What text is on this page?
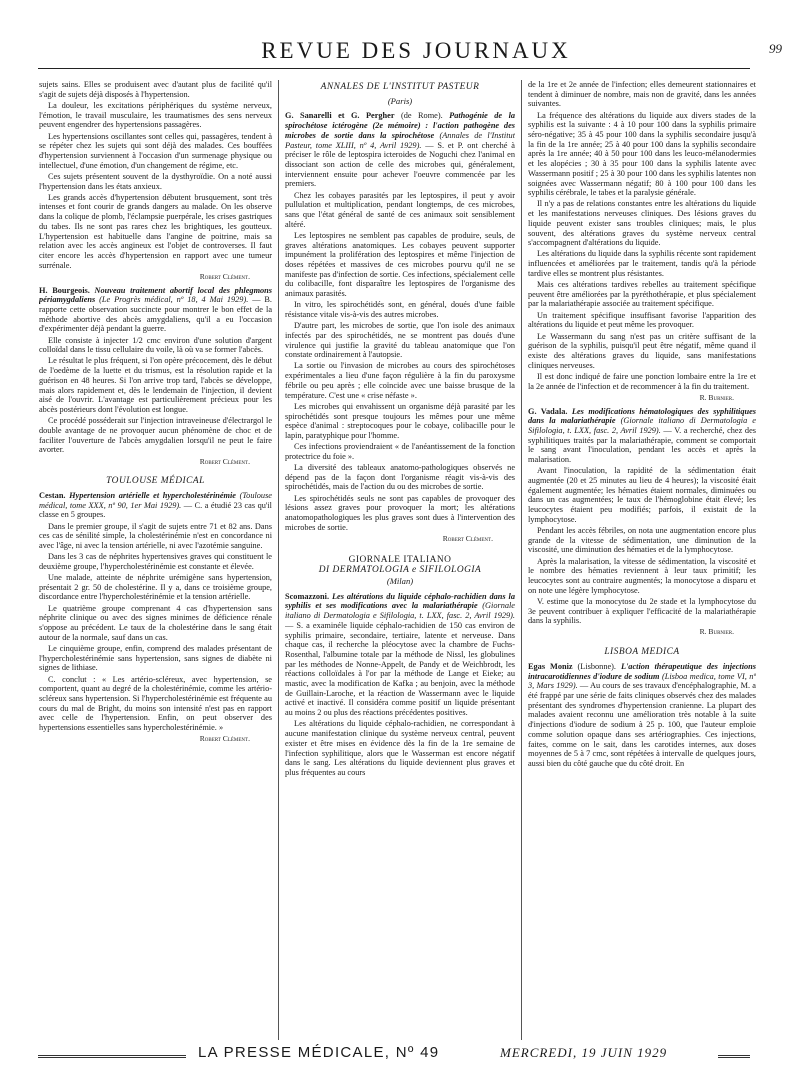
REVUE DES JOURNAUX	99

sujets sains. Elles se produisent avec d'autant plus de facilité qu'il s'agit de sujets déjà disposés à l'hypertension.

La douleur, les excitations périphériques du système nerveux, l'émotion, le travail musculaire, les traumatismes des sens nerveux peuvent engendrer des hypertensions passagères.

Les hypertensions oscillantes sont celles qui, passagères, tendent à se répéter chez les sujets qui sont déjà des malades. Ces bouffées d'hypertension surviennent à l'occasion d'un surmenage physique ou intellectuel, d'une émotion, d'un changement de régime, etc.

Ces sujets présentent souvent de la dysthyroïdie. On a noté aussi l'hypertension dans les états anxieux.

Les grands accès d'hypertension débutent brusquement, sont très intenses et font courir de grands dangers au malade. On les observe dans la colique de plomb, l'éclampsie puerpérale, les crises gastriques du tabes. Ils ne sont pas rares chez les brightiques, les goutteux. L'hypertension est habituelle dans l'angine de poitrine, mais sa relation avec les accès angineux est l'objet de controverses. Il faut citer encore les accès d'hypertension en rapport avec une tumeur surrénale.

Robert Clément.

H. Bourgeois. Nouveau traitement abortif local des phlegmons périamygdaliens (Le Progrès médical, nº 18, 4 Mai 1929). — B. rapporte cette observation succincte pour montrer le bon effet de la méthode abortive des abcès amygdaliens, qu'il a eu l'occasion d'expérimenter déjà pendant la guerre.

Elle consiste à injecter 1/2 cmc environ d'une solution d'argent colloïdal dans le tissu cellulaire du voile, là où va se former l'abcès.

Le résultat le plus fréquent, si l'on opère précocement, dès le début de l'oedème de la luette et du trismus, est la résolution rapide et la guérison en 48 heures. Si l'on arrive trop tard, l'abcès se développe, mais alors rapidement et, dès le lendemain de l'injection, il devient aisé de l'ouvrir. L'avantage est particulièrement précieux pour les abcès postérieurs dont l'évolution est longue.

Ce procédé posséderait sur l'injection intraveineuse d'électrargol le double avantage de ne provoquer aucun phénomène de choc et de faciliter l'ouverture de l'abcès amygdalien lorsqu'il ne peut le faire avorter.

Robert Clément.

TOULOUSE MÉDICAL

Cestan. Hypertension artérielle et hypercholestérinémie (Toulouse médical, tome XXX, nº 90, 1er Mai 1929). — C. a étudié 23 cas qu'il classe en 5 groupes.

Dans le premier groupe, il s'agit de sujets entre 71 et 82 ans. Dans ces cas de sénilité simple, la cholestérinémie n'est en concordance ni avec l'âge, ni avec la tension artérielle, ni avec l'azotémie sanguine.

Dans les 3 cas de néphrites hypertensives graves qui constituent le deuxième groupe, l'hypercholestérinémie est constante et élevée.

Une malade, atteinte de néphrite urémigène sans hypertension, présentait 2 gr. 50 de cholestérine. Il y a, dans ce troisième groupe, discordance entre l'hypercholestérinémie et la tension artérielle.

Le quatrième groupe comprenant 4 cas d'hypertension sans néphrite clinique ou avec des signes minimes de déficience rénale s'oppose au précédent. Le taux de la cholestérine dans le sang était autour de la normale, sauf dans un cas.

Le cinquième groupe, enfin, comprend des malades présentant de l'hypercholestérinémie sans hypertension, sans signes de diabète ni signes de lithiase.

C. conclut : « Les artério-scléreux, avec hypertension, se comportent, quant au degré de la cholestérinémie, comme les artério-scléreux sans hypertension. Si l'hypercholestérinémie est fréquente au cours du mal de Bright, du moins son intensité n'est pas en rapport avec celle de l'hypertension. Enfin, on peut observer des hypertensions essentielles sans hypercholestérinémie. »

Robert Clément.

ANNALES DE L'INSTITUT PASTEUR
(Paris)

G. Sanarelli et G. Pergher (de Rome). Pathogénie de la spirochétose ictérogène (2e mémoire) : l'action pathogène des microbes de sortie dans la spirochétose (Annales de l'Institut Pasteur, tome XLIII, nº 4, Avril 1929). — S. et P. ont cherché à préciser le rôle de leptospira icteroides de Noguchi chez l'animal en dissociant son action de celle des microbes qui, généralement, interviennent ensuite pour achever l'oeuvre commencée par les premiers.

Chez les cobayes parasités par les leptospires, il peut y avoir pullulation et multiplication, pendant longtemps, de ces microbes, sans que l'état général de santé de ces animaux soit sensiblement altéré.

Les leptospires ne semblent pas capables de produire, seuls, de graves altérations anatomiques. Les cobayes peuvent supporter impunément la prolifération des leptospires et même l'injection de doses répétées et massives de ces microbes pourvu qu'il ne se manifeste pas d'infection de sortie. Ces infections, spécialement celle du colibacille, font disparaître les leptospires de l'organisme des animaux parasités.

In vitro, les spirochétidés sont, en général, doués d'une faible résistance vitale vis-à-vis des autres microbes.

D'autre part, les microbes de sortie, que l'on isole des animaux infectés par des spirochétidés, ne se montrent pas doués d'une virulence qui justifie la gravité du tableau anatomique que l'on constate ordinairement à l'autopsie.

La sortie ou l'invasion de microbes au cours des spirochétoses expérimentales a lieu d'une façon régulière à la fin du paroxysme fébrile ou peu après ; elle coïncide avec une baisse brusque de la température. C'est une « crise néfaste ».

Les microbes qui envahissent un organisme déjà parasité par les spirochétidés sont presque toujours les mêmes pour une même espèce d'animal : streptocoques pour le cobaye, colibacille pour le lapin, paratyphique pour l'homme.

Ces infections proviendraient « de l'anéantissement de la fonction protectrice du foie ».

La diversité des tableaux anatomo-pathologiques observés ne dépend pas de la façon dont l'organisme réagit vis-à-vis des spirochétidés, mais de l'action du ou des microbes de sortie.

Les spirochétidés seuls ne sont pas capables de provoquer des lésions assez graves pour provoquer la mort; les altérations anatomopathologiques les plus graves sont dues à l'intervention des microbes de sortie.

Robert Clément.

GIORNALE ITALIANO
DI DERMATOLOGIA e SIFILOLOGIA
(Milan)

Scomazzoni. Les altérations du liquide céphalo-rachidien dans la syphilis et ses modifications avec la malariathérapie (Giornale italiano di Dermatologia e Sifilologia, t. LXX, fasc. 2, Avril 1929). — S. a examinéle liquide céphalo-rachidien de 150 cas environ de syphilis primaire, secondaire, tertiaire, latente et nerveuse. Dans chaque cas, il recherche la pléocytose avec la chambre de Fuchs-Rosenthal, l'albumine totale par la méthode de Nissl, les globulines par les méthodes de Nonne-Appelt, de Pandy et de Weichbrodt, les réactions colloïdales à l'or par la méthode de Lange et Eieke; au mastic, avec la modification de Kafka ; au benjoin, avec la méthode de Guillain-Laroche, et la réaction de Wassermann avec le liquide activé et inactivé. Il considéra comme positif un liquide présentant au moins 2 ou plus des réactions précédentes positives.

Les altérations du liquide céphalo-rachidien, ne correspondant à aucune manifestation clinique du système nerveux central, peuvent exister et être mises en évidence dès la fin de la 1re semaine de l'infection syphilitique, alors que le Wasserman est encore négatif dans le sang. Les altérations du liquide deviennent plus graves et plus fréquentes au cours

de la 1re et 2e année de l'infection; elles demeurent stationnaires et tendent à diminuer de nombre, mais non de gravité, dans les années suivantes.

La fréquence des altérations du liquide aux divers stades de la syphilis est la suivante : 4 à 10 pour 100 dans la syphilis primaire séro-négative; 35 à 45 pour 100 dans la syphilis secondaire jusqu'à la fin de la 1re année; 25 à 40 pour 100 dans la syphilis secondaire après la 1re année; 40 à 50 pour 100 dans les leuco-mélanodermies et les alopécies ; 30 à 35 pour 100 dans la syphilis latente avec Wassermann positif ; 25 à 30 pour 100 dans les syphilis latentes non soignées avec Wassermann négatif; 80 à 100 pour 100 dans les syphilis cérébrale, le tabes et la paralysie générale.

Il n'y a pas de relations constantes entre les altérations du liquide et les manifestations nerveuses cliniques. Des lésions graves du liquide peuvent exister sans troubles cliniques; mais, le plus souvent, des altérations graves du système nerveux central s'accompagnent d'altérations du liquide.

Les altérations du liquide dans la syphilis récente sont rapidement influencées et améliorées par le traitement, tandis qu'à la période tardive elles se montrent plus résistantes.

Mais ces altérations tardives rebelles au traitement spécifique peuvent être améliorées par la pyréthothérapie, et plus spécialement par la malariathérapie associée au traitement spécifique.

Un traitement spécifique insuffisant favorise l'apparition des altérations du liquide et peut même les provoquer.

Le Wassermann du sang n'est pas un critère suffisant de la guérison de la syphilis, puisqu'il peut être négatif, même quand il existe des altérations graves du liquide, sans manifestations cliniques nerveuses.

Il est donc indiqué de faire une ponction lombaire entre la 1re et la 2e année de l'infection et de recommencer à la fin du traitement.

R. Burnier.

G. Vadala. Les modifications hématologiques des syphilitiques dans la malariathérapie (Giornale italiano di Dermatologia e Sifilologia, t. LXX, fasc. 2, Avril 1929). — V. a recherché, chez des syphilitiques traités par la malariathérapie, comment se comportait le sang avant l'inoculation, pendant les accès et après la malarisation.

Avant l'inoculation, la rapidité de la sédimentation était augmentée (20 et 25 minutes au lieu de 4 heures); la viscosité était également augmentée; les hématies étaient normales, diminuées ou dans un cas augmentées; le taux de l'hémoglobine était élevé; les leucocytes étaient peu modifiés; parfois, il existait de la lymphocytose.

Pendant les accès fébriles, on nota une augmentation encore plus grande de la vitesse de sédimentation, une diminution de la viscosité, une diminution des hématies et de la lymphocytose.

Après la malarisation, la vitesse de sédimentation, la viscosité et le nombre des hématies reviennent à leur taux primitif; les leucocytes sont au contraire augmentés; la monocytose a disparu et on note une légère lymphocytose.

V. estime que la monocytose du 2e stade et la lymphocytose du 3e peuvent contribuer à expliquer l'efficacité de la malariathérapie dans la syphilis.

R. Burnier.

LISBOA MEDICA

Egas Moniz (Lisbonne). L'action thérapeutique des injections intracarotidiennes d'iodure de sodium (Lisboa medica, tome VI, nº 3, Mars 1929). — Au cours de ses travaux d'encéphalographie, M. a été frappé par une série de faits cliniques observés chez des malades présentant des syndromes d'hypertension cranienne. La plupart des malades avaient reconnu une amélioration très notable à la suite d'injections d'iodure de sodium à 25 p. 100, que l'auteur emploie comme solution opaque dans ses artériographies. Ces injections, faites, comme on le sait, dans les carotides internes, aux doses moyennes de 5 à 7 cmc, sont répétées à intervalle de quelques jours, aussi bien du côté gauche que du côté droit. En

LA PRESSE MÉDICALE, Nº 49	MERCREDI, 19 JUIN 1929
